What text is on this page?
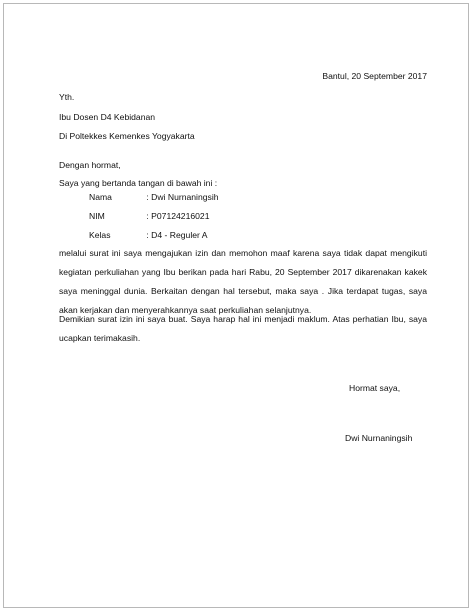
Bantul, 20 September 2017
Yth.
Ibu Dosen D4 Kebidanan
Di Poltekkes Kemenkes Yogyakarta
Dengan hormat,
Saya yang bertanda tangan di bawah ini :
Nama	: Dwi Nurnaningsih
NIM	: P07124216021
Kelas	: D4 - Reguler A
melalui surat ini saya mengajukan izin dan memohon maaf karena saya tidak dapat mengikuti kegiatan perkuliahan yang Ibu berikan pada hari Rabu, 20 September 2017 dikarenakan kakek saya meninggal dunia. Berkaitan dengan hal tersebut, maka saya . Jika terdapat tugas, saya akan kerjakan dan menyerahkannya saat perkuliahan selanjutnya.
Demikian surat izin ini saya buat. Saya harap hal ini menjadi maklum. Atas perhatian Ibu, saya ucapkan terimakasih.
Hormat saya,
Dwi Nurnaningsih
